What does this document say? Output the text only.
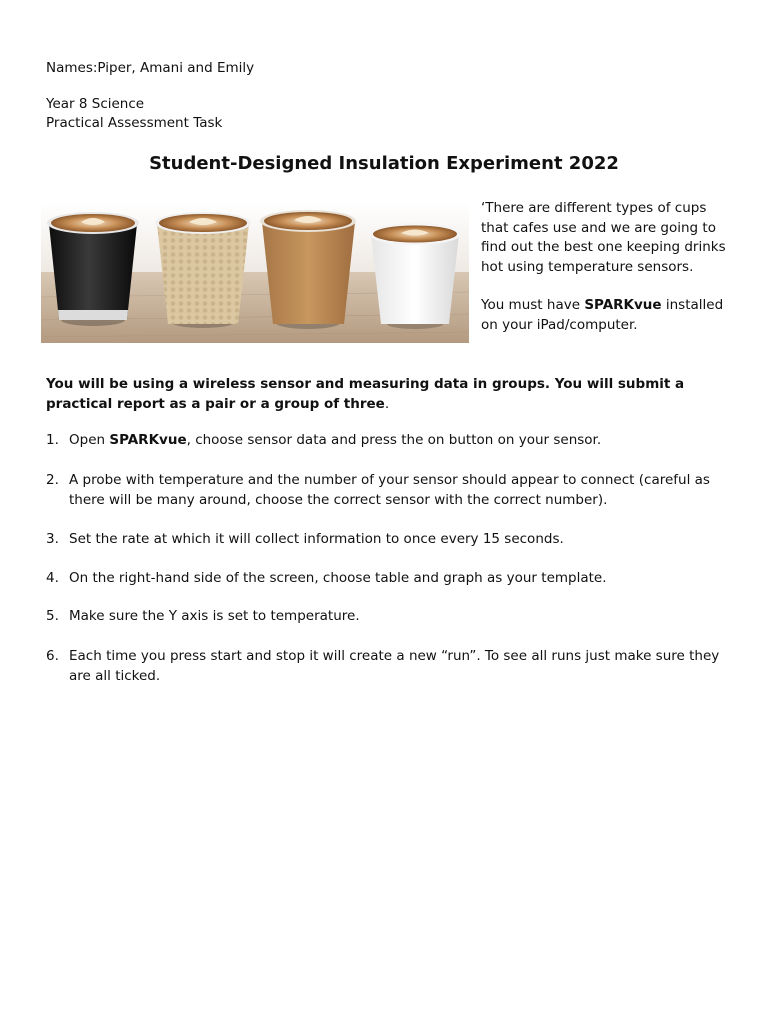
Names:Piper, Amani and Emily
Year 8 Science
Practical Assessment Task
Student-Designed Insulation Experiment 2022

‘There are different types of cups that cafes use and we are going to find out the best one keeping drinks hot using temperature sensors.

You must have SPARKvue installed on your iPad/computer.

You will be using a wireless sensor and measuring data in groups. You will submit a practical report as a pair or a group of three.
1. Open SPARKvue, choose sensor data and press the on button on your sensor.
2. A probe with temperature and the number of your sensor should appear to connect (careful as there will be many around, choose the correct sensor with the correct number).
3. Set the rate at which it will collect information to once every 15 seconds.
4. On the right-hand side of the screen, choose table and graph as your template.
5. Make sure the Y axis is set to temperature.
6. Each time you press start and stop it will create a new “run”. To see all runs just make sure they are all ticked.
